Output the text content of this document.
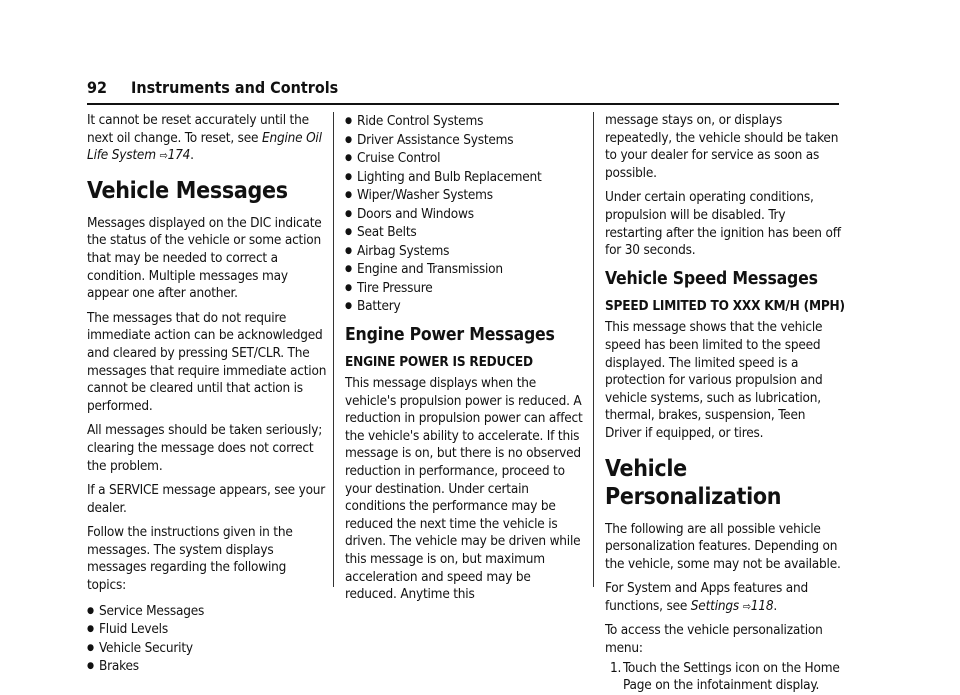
92 Instruments and Controls

It cannot be reset accurately until the next oil change. To reset, see Engine Oil Life System ⇨174.

Vehicle Messages

Messages displayed on the DIC indicate the status of the vehicle or some action that may be needed to correct a condition. Multiple messages may appear one after another.

The messages that do not require immediate action can be acknowledged and cleared by pressing SET/CLR. The messages that require immediate action cannot be cleared until that action is performed.

All messages should be taken seriously; clearing the message does not correct the problem.

If a SERVICE message appears, see your dealer.

Follow the instructions given in the messages. The system displays messages regarding the following topics:

● Service Messages
● Fluid Levels
● Vehicle Security
● Brakes
● Ride Control Systems
● Driver Assistance Systems
● Cruise Control
● Lighting and Bulb Replacement
● Wiper/Washer Systems
● Doors and Windows
● Seat Belts
● Airbag Systems
● Engine and Transmission
● Tire Pressure
● Battery
Engine Power Messages
ENGINE POWER IS REDUCED

This message displays when the vehicle's propulsion power is reduced. A reduction in propulsion power can affect the vehicle's ability to accelerate. If this message is on, but there is no observed reduction in performance, proceed to your destination. Under certain conditions the performance may be reduced the next time the vehicle is driven. The vehicle may be driven while this message is on, but maximum acceleration and speed may be reduced. Anytime this

message stays on, or displays repeatedly, the vehicle should be taken to your dealer for service as soon as possible.

Under certain operating conditions, propulsion will be disabled. Try restarting after the ignition has been off for 30 seconds.

Vehicle Speed Messages
SPEED LIMITED TO XXX KM/H (MPH)

This message shows that the vehicle speed has been limited to the speed displayed. The limited speed is a protection for various propulsion and vehicle systems, such as lubrication, thermal, brakes, suspension, Teen Driver if equipped, or tires.

Vehicle Personalization

The following are all possible vehicle personalization features. Depending on the vehicle, some may not be available.

For System and Apps features and functions, see Settings ⇨118.

To access the vehicle personalization menu:

1. Touch the Settings icon on the Home Page on the infotainment display.
